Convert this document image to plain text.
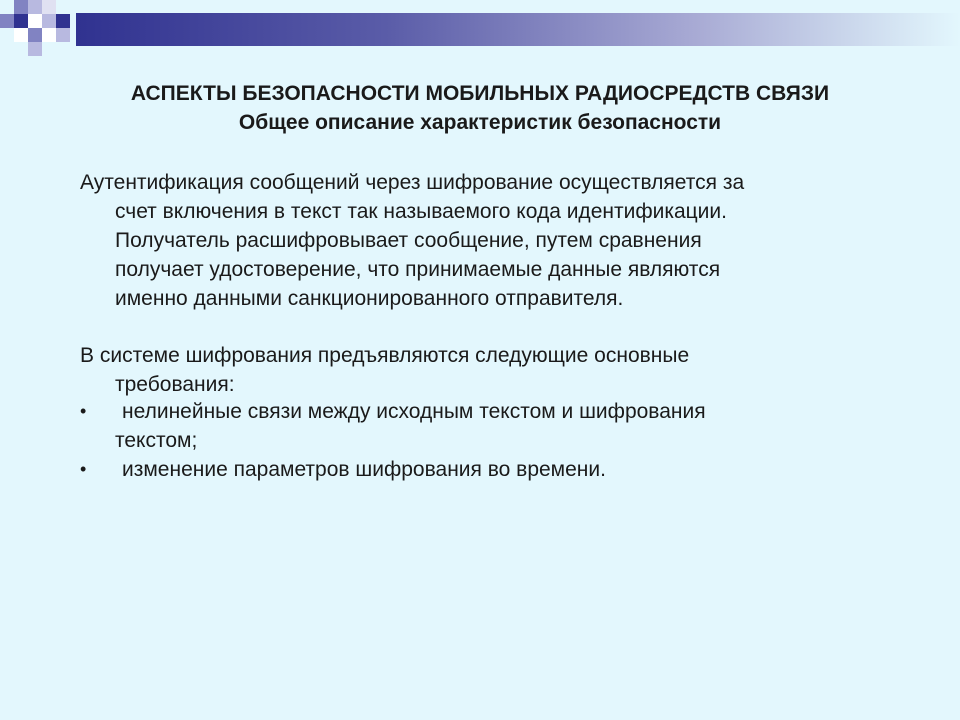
АСПЕКТЫ БЕЗОПАСНОСТИ МОБИЛЬНЫХ РАДИОСРЕДСТВ СВЯЗИ
Общее описание характеристик безопасности
Аутентификация сообщений через шифрование осуществляется за
счет включения в текст так называемого кода идентификации.
Получатель расшифровывает сообщение, путем сравнения
получает удостоверение, что принимаемые данные являются
именно данными санкционированного отправителя.
В системе шифрования предъявляются следующие основные
требования:
•	нелинейные связи между исходным текстом и шифрования
текстом;
•	изменение параметров шифрования во времени.
